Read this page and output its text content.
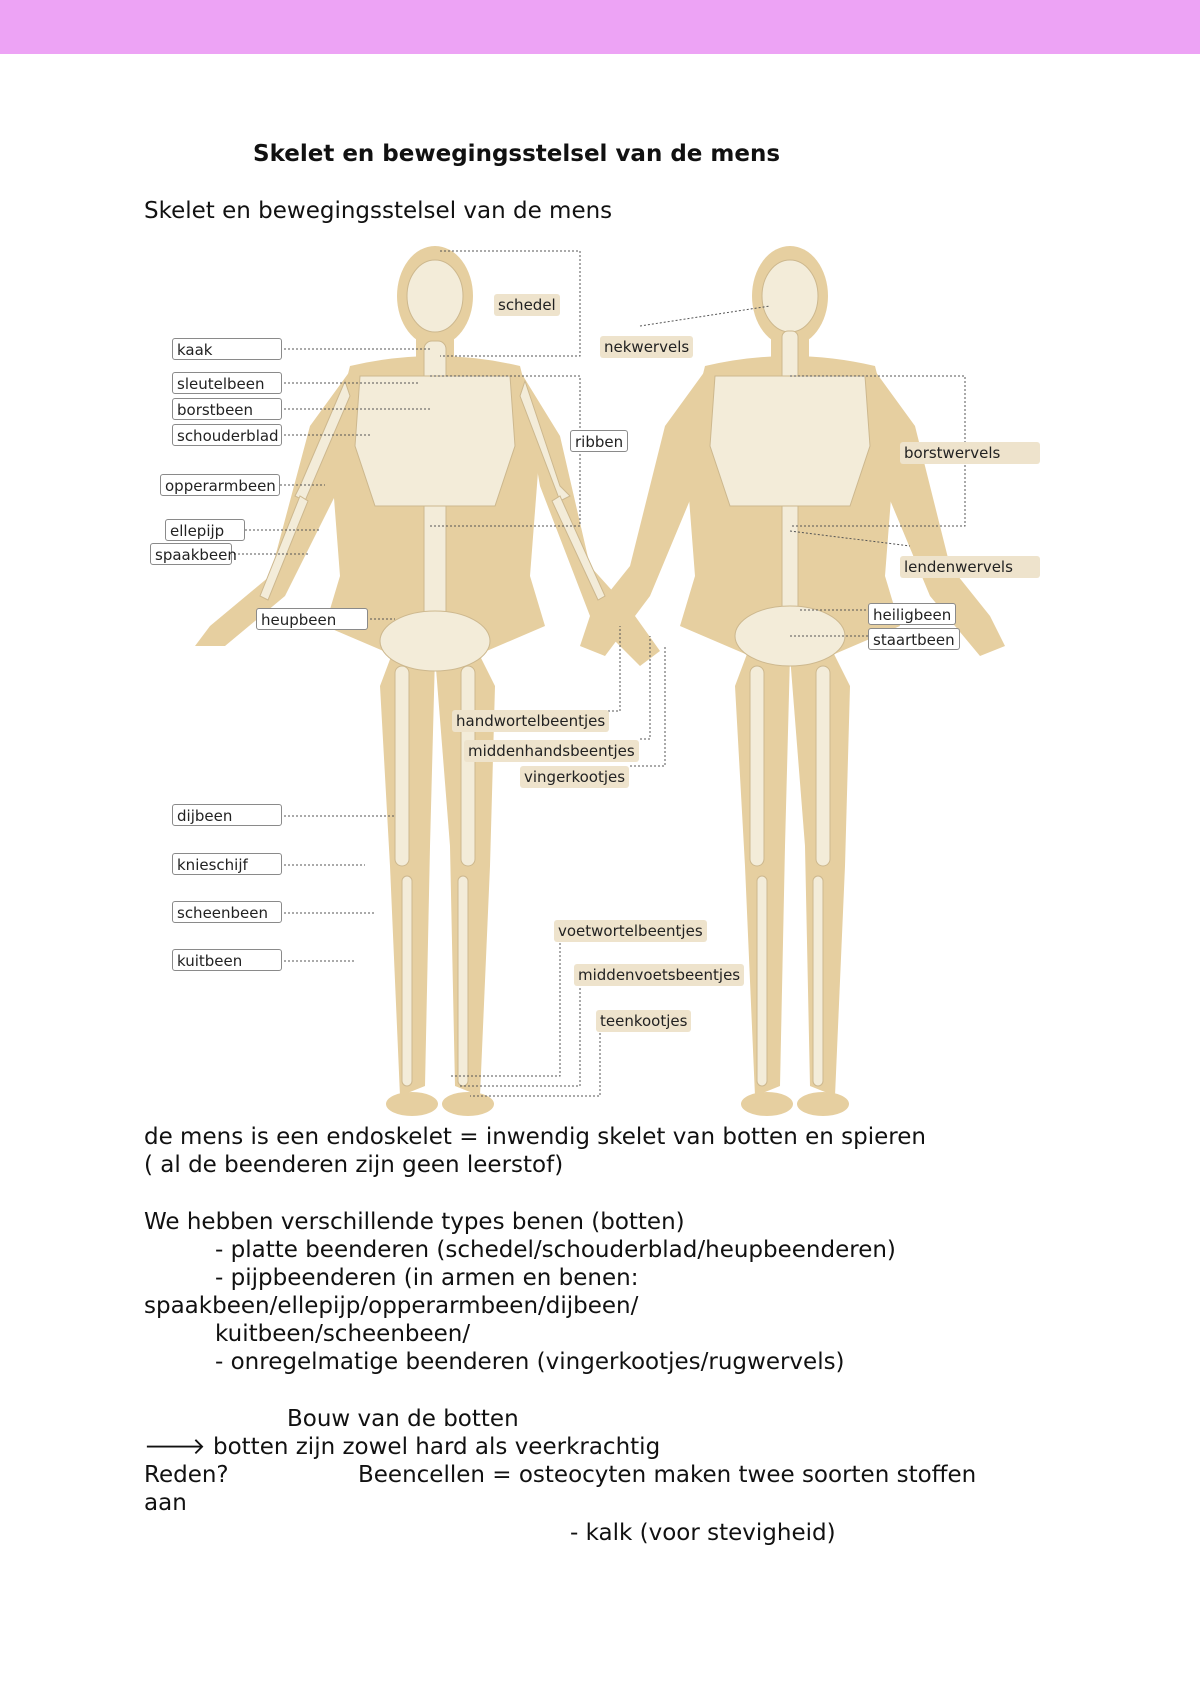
Skelet en bewegingsstelsel van de mens
Skelet en bewegingsstelsel van de mens
schedel
nekwervels
kaak
sleutelbeen
borstbeen
schouderblad	ribben
opperarmbeen
borstwervels
ellepijp
spaakbeen
lendenwervels
heupbeen	heiligbeen
staartbeen
handwortelbeentjes
middenhandsbeentjes
vingerkootjes
dijbeen
knieschijf
scheenbeen
kuitbeen
voetwortelbeentjes
middenvoetsbeentjes
teenkootjes
de mens is een endoskelet = inwendig skelet van botten en spieren
( al de beenderen zijn geen leerstof)
We hebben verschillende types benen (botten)
- platte beenderen (schedel/schouderblad/heupbeenderen)
- pijpbeenderen (in armen en benen:
spaakbeen/ellepijp/opperarmbeen/dijbeen/
kuitbeen/scheenbeen/
- onregelmatige beenderen (vingerkootjes/rugwervels)
Bouw van de botten
🡒 botten zijn zowel hard als veerkrachtig
Reden?	Beencellen = osteocyten maken twee soorten stoffen
aan
- kalk (voor stevigheid)
